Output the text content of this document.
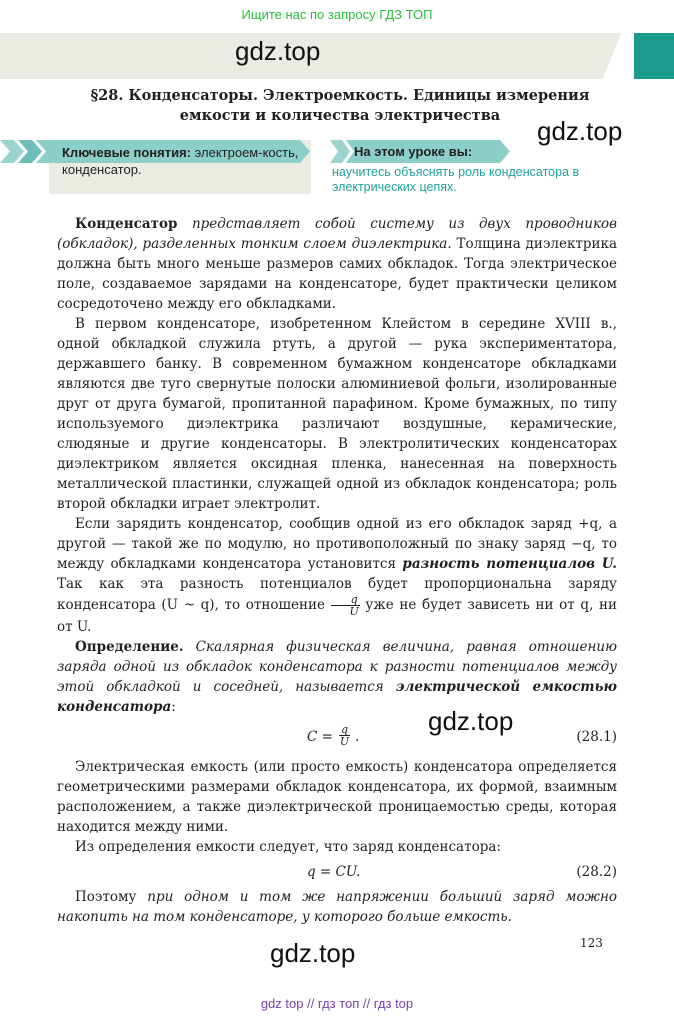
Ищите нас по запросу ГДЗ ТОП
gdz.top
§28. Конденсаторы. Электроемкость. Единицы измерения
емкости и количества электричества
gdz.top
Ключевые понятия: электроем-кость, конденсатор.
На этом уроке вы:
научитесь объяснять роль конденсатора в электрических цепях.

Конденсатор представляет собой систему из двух проводников (обкладок), разделенных тонким слоем диэлектрика. Толщина диэлектрика должна быть много меньше размеров самих обкладок. Тогда электрическое поле, создаваемое зарядами на конденсаторе, будет практически целиком сосредоточено между его обкладками.

В первом конденсаторе, изобретенном Клейстом в середине XVIII в., одной обкладкой служила ртуть, а другой — рука экспериментатора, державшего банку. В современном бумажном конденсаторе обкладками являются две туго свернутые полоски алюминиевой фольги, изолированные друг от друга бумагой, пропитанной парафином. Кроме бумажных, по типу используемого диэлектрика различают воздушные, керамические, слюдяные и другие конденсаторы. В электролитических конденсаторах диэлектриком является оксидная пленка, нанесенная на поверхность металлической пластинки, служащей одной из обкладок конденсатора; роль второй обкладки играет электролит.

Если зарядить конденсатор, сообщив одной из его обкладок заряд +q, а другой — такой же по модулю, но противоположный по знаку заряд −q, то между обкладками конденсатора установится разность потенциалов U. Так как эта разность потенциалов будет пропорциональна заряду конденсатора (U ~ q), то отношение $\frac{q}{U}$ уже не будет зависеть ни от q, ни от U.

Определение. Скалярная физическая величина, равная отношению заряда одной из обкладок конденсатора к разности потенциалов между этой обкладкой и соседней, называется электрической емкостью конденсатора:

$C = \frac{q}{U}$ .	(28.1)

Электрическая емкость (или просто емкость) конденсатора определяется геометрическими размерами обкладок конденсатора, их формой, взаимным расположением, а также диэлектрической проницаемостью среды, которая находится между ними.

Из определения емкости следует, что заряд конденсатора:

q = CU.	(28.2)

Поэтому при одном и том же напряжении больший заряд можно накопить на том конденсаторе, у которого больше емкость.

gdz.top
gdz.top	123
gdz top // гдз топ // гдз top
